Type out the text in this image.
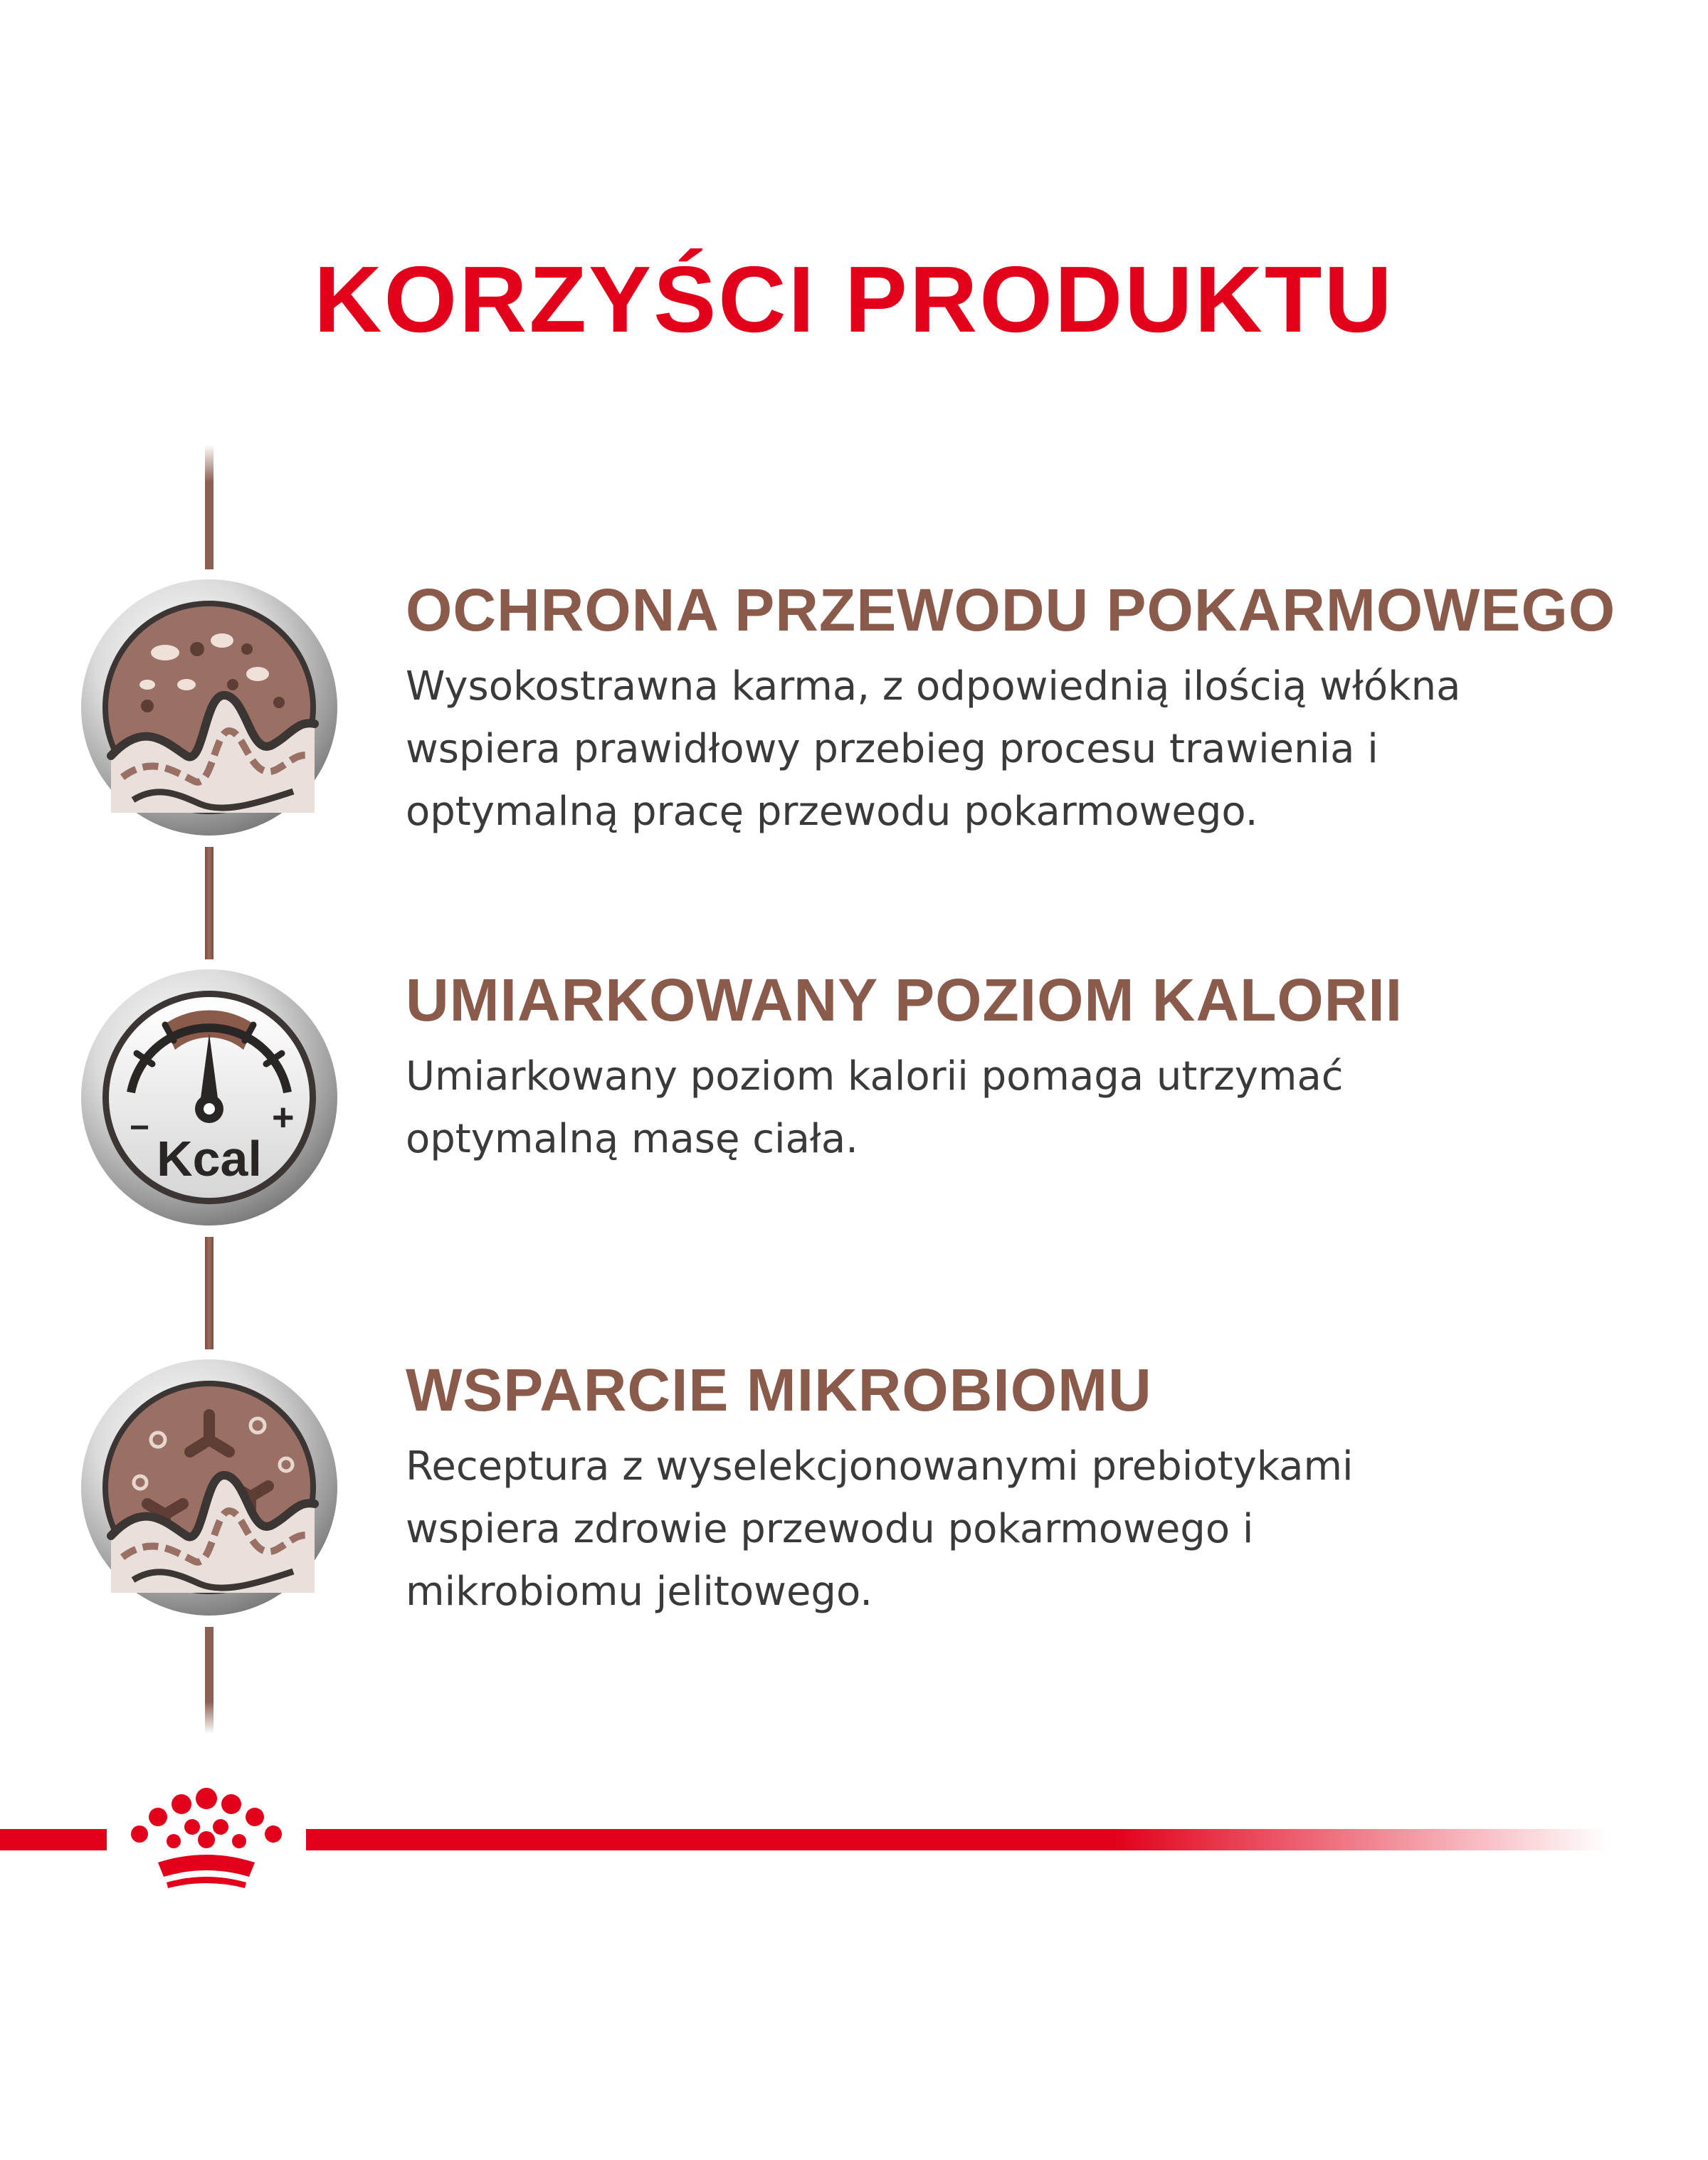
KORZYŚCI PRODUKTU
−	+
Kcal
OCHRONA PRZEWODU POKARMOWEGO

Wysokostrawna karma, z odpowiednią ilością włókna
wspiera prawidłowy przebieg procesu trawienia i
optymalną pracę przewodu pokarmowego.

UMIARKOWANY POZIOM KALORII

Umiarkowany poziom kalorii pomaga utrzymać
optymalną masę ciała.

WSPARCIE MIKROBIOMU

Receptura z wyselekcjonowanymi prebiotykami
wspiera zdrowie przewodu pokarmowego i
mikrobiomu jelitowego.
